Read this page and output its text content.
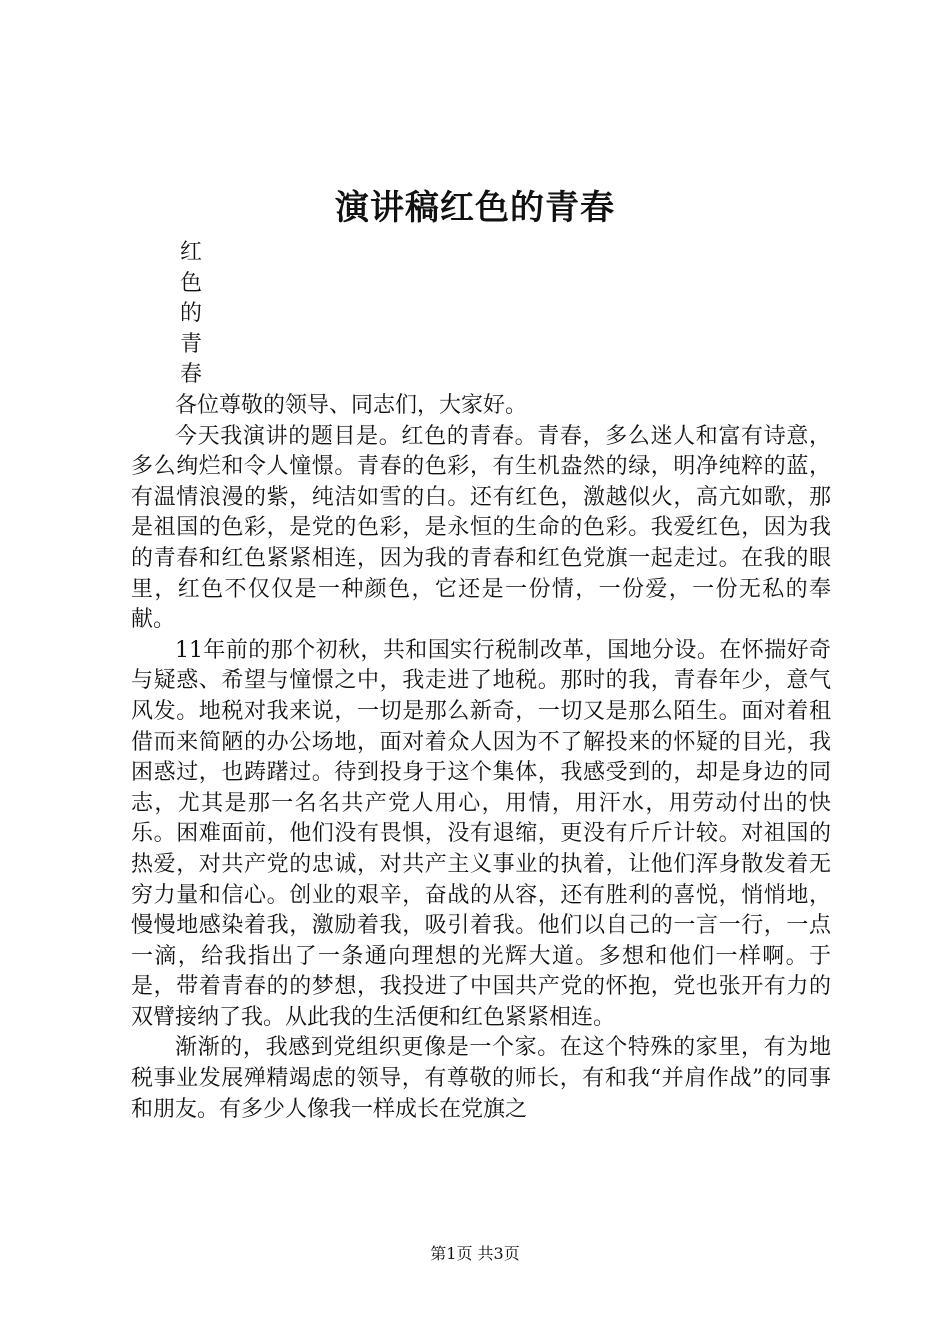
演讲稿红色的青春
红
色
的
青
春

各位尊敬的领导、同志们，大家好。

今天我演讲的题目是。红色的青春。青春，多么迷人和富有诗意，多么绚烂和令人憧憬。青春的色彩，有生机盎然的绿，明净纯粹的蓝，有温情浪漫的紫，纯洁如雪的白。还有红色，激越似火，高亢如歌，那是祖国的色彩，是党的色彩，是永恒的生命的色彩。我爱红色，因为我的青春和红色紧紧相连，因为我的青春和红色党旗一起走过。在我的眼里，红色不仅仅是一种颜色，它还是一份情，一份爱，一份无私的奉献。

11年前的那个初秋，共和国实行税制改革，国地分设。在怀揣好奇与疑惑、希望与憧憬之中，我走进了地税。那时的我，青春年少，意气风发。地税对我来说，一切是那么新奇，一切又是那么陌生。面对着租借而来简陋的办公场地，面对着众人因为不了解投来的怀疑的目光，我困惑过，也踌躇过。待到投身于这个集体，我感受到的，却是身边的同志，尤其是那一名名共产党人用心，用情，用汗水，用劳动付出的快乐。困难面前，他们没有畏惧，没有退缩，更没有斤斤计较。对祖国的热爱，对共产党的忠诚，对共产主义事业的执着，让他们浑身散发着无穷力量和信心。创业的艰辛，奋战的从容，还有胜利的喜悦，悄悄地，慢慢地感染着我，激励着我，吸引着我。他们以自己的一言一行，一点一滴，给我指出了一条通向理想的光辉大道。多想和他们一样啊。于是，带着青春的的梦想，我投进了中国共产党的怀抱，党也张开有力的双臂接纳了我。从此我的生活便和红色紧紧相连。

渐渐的，我感到党组织更像是一个家。在这个特殊的家里，有为地税事业发展殚精竭虑的领导，有尊敬的师长，有和我“并肩作战”的同事和朋友。有多少人像我一样成长在党旗之

第1页 共3页
